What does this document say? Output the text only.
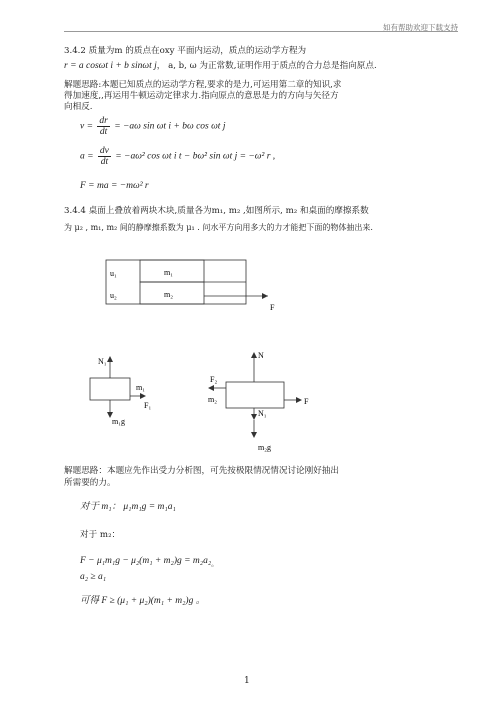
如有帮助欢迎下载支持
3.4.2 质量为m 的质点在oxy 平面内运动，质点的运动学方程为
r = a cosωt i + b sinωt j， a, b, ω 为正常数,证明作用于质点的合力总是指向原点.
解题思路:本题已知质点的运动学方程,要求的是力,可运用第二章的知识,求
得加速度,,再运用牛顿运动定律求力.指向原点的意思是力的方向与矢径方
向相反.
$v = \frac{dr}{dt} = -a\omega$ sin ωt i + bω cos ωt j
$a = \frac{dv}{dt} = -a\omega^2$ cos ωt i t − bω² sin ωt j = −ω² r ,
F = ma = −mω² r
3.4.4 桌面上叠放着两块木块,质量各为m₁, m₂ ,如图所示, m₂ 和桌面的摩擦系数
为 μ₂ , m₁, m₂ 间的静摩擦系数为 μ₁ . 问水平方向用多大的力才能把下面的物体抽出来.
u₁
u₂
m₁
m₂
F
N₁
m₁
F₁
m₁g
N
F₂
m₂
N₁
F
m₂g
解题思路：本题应先作出受力分析图，可先按极限情况情况讨论刚好抽出
所需要的力。
对于 m₁： μ₁m₁g = m₁a₁
对于 m₂：
$F - \mu_1m_1g - \mu_2(m_1 + m_2)g = m_2a_2_。$
a₂ ≥ a₁
可得 F ≥ (μ₁ + μ₂)(m₁ + m₂)g 。
1
